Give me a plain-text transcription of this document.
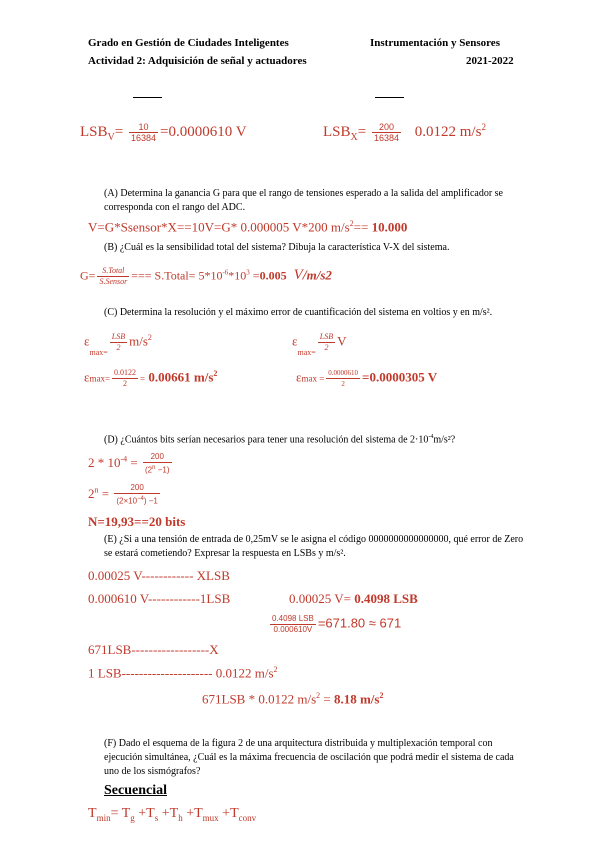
Grado en Gestión de Ciudades Inteligentes	Instrumentación y Sensores
Actividad 2: Adquisición de señal y actuadores	2021-2022
$LSB_V= \frac{10}{16384} =0.0000610$ V	$LSB_X= \frac{200}{16384} 0.0122$ $m/s^2$
(A) Determina la ganancia G para que el rango de tensiones esperado a la salida del amplificador se corresponda con el rango del ADC.
V=G*Ssensor*X==10V=G* 0.000005 V*200 $m/s^2== 10.000$
(B) ¿Cuál es la sensibilidad total del sistema? Dibuja la característica V-X del sistema.
$G= \frac{\text{S.Total}}{\text{S.Sensor}}$ === S.Total= $5*10^{-6}*10^3 =0.005$ V/m/s2
(C) Determina la resolución y el máximo error de cuantificación del sistema en voltios y en m/s².
$\varepsilon_{max=} \frac{\text{LSB}}{2} m/s^2$	$\varepsilon_{max=} \frac{\text{LSB}}{2}$ V
$\varepsilon\max= \frac{0.0122}{2} = 0.00661$ $m/s^2$	$\varepsilon\max = \frac{0.0000610}{2} =0.0000305$ V
(D) ¿Cuántos bits serían necesarios para tener una resolución del sistema de $2\cdot 10^{-4}m/s^2$?
$2 * 10^{-4} = \frac{200}{(2^n -1)}$
$2^n = \frac{200}{(2\times 10^{-4}) -1}$
N=19,93==20 bits
(E) ¿Si a una tensión de entrada de 0,25mV se le asigna el código 0000000000000000, qué error de Zero se estará cometiendo? Expresar la respuesta en LSBs y m/s².
0.00025 V------------ XLSB
0.000610 V------------1LSB	0.00025 V= 0.4098 LSB
$\frac{\text{0.4098 LSB}}{0.000610V} =671.80 \approx 671$
671LSB------------------X
1 LSB--------------------- 0.0122 $m/s^2$
671LSB * 0.0122 $m/s^2 = 8.18$ $m/s^2$
(F) Dado el esquema de la figura 2 de una arquitectura distribuida y multiplexación temporal con ejecución simultánea, ¿Cuál es la máxima frecuencia de oscilación que podrá medir el sistema de cada uno de los sismógrafos?
Secuencial
$T_{min}= T_g +T_s +T_h +T_{mux} +T_{conv}$
